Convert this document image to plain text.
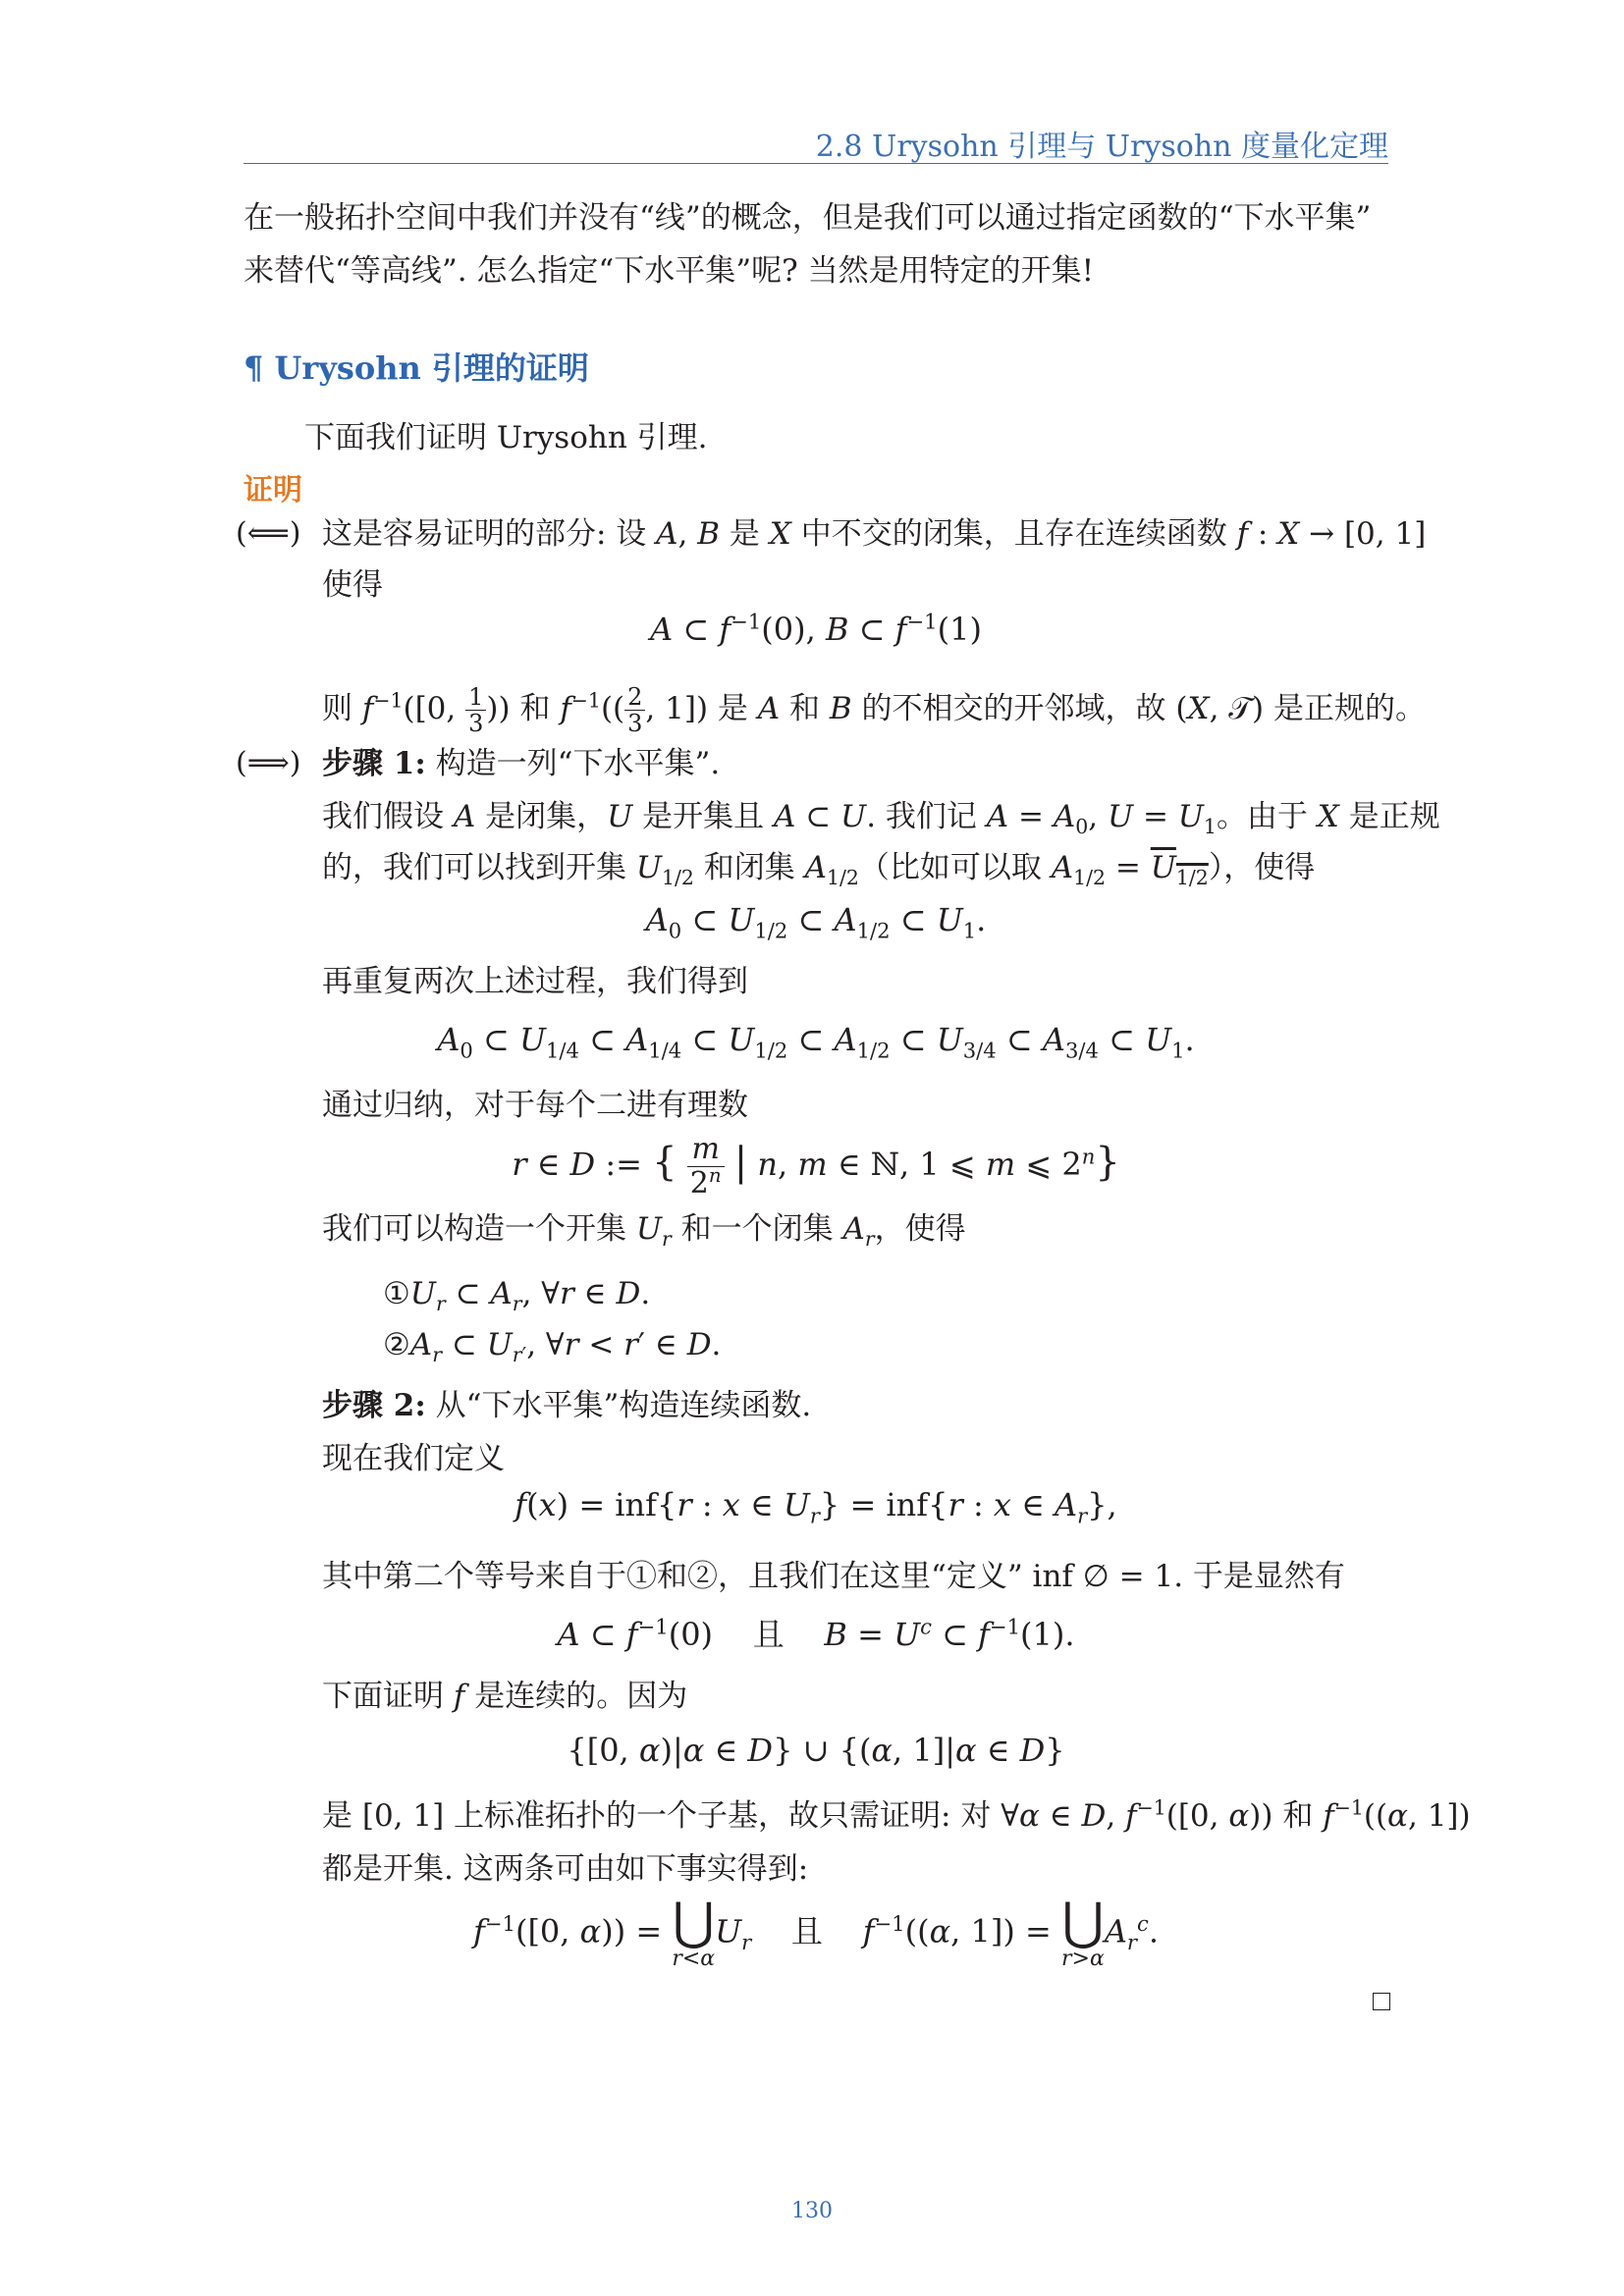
2.8 Urysohn 引理与 Urysohn 度量化定理
在一般拓扑空间中我们并没有“线”的概念，但是我们可以通过指定函数的“下水平集”
来替代“等高线”. 怎么指定“下水平集”呢? 当然是用特定的开集!
¶ Urysohn 引理的证明
下面我们证明 Urysohn 引理.
证明
(⟸) 这是容易证明的部分: 设 A, B 是 X 中不交的闭集，且存在连续函数 f : X → [0, 1]
使得
A ⊂ $f^{-1}(0)$, B ⊂ $f^{-1}(1)$
则 $f^{-1}([0$, $\frac{1}{3}$ )) 和 $f^{-1}(( \frac{2}{3}$ , 1]) 是 A 和 B 的不相交的开邻域，故 (X, 𝒯) 是正规的。
(⟹) 步骤 1: 构造一列“下水平集”.
我们假设 A 是闭集，U 是开集且 A ⊂ U. 我们记 $A = A_0$, $U = U_1$。由于 X 是正规
的，我们可以找到开集 $U_{1/2}$ 和闭集 $A_{1/2}$（比如可以取 $A_{1/2} = U_{1/2}$），使得
$A_0$ ⊂ $U_{1/2}$ ⊂ $A_{1/2}$ ⊂ $U_1$.
再重复两次上述过程，我们得到
$A_0$ ⊂ $U_{1/4}$ ⊂ $A_{1/4}$ ⊂ $U_{1/2}$ ⊂ $A_{1/2}$ ⊂ $U_{3/4}$ ⊂ $A_{3/4}$ ⊂ $U_1$.
通过归纳，对于每个二进有理数
r ∈ D := { $\frac{m}{2^n}$ | n, m ∈ ℕ, 1 ⩽ m ⩽ 2$^n$}
我们可以构造一个开集 $U_r$ 和一个闭集 $A_r$，使得
$①U_r$ ⊂ $A_r$, ∀r ∈ D.
$②A_r$ ⊂ $U_{r'}$, ∀r < r′ ∈ D.
步骤 2: 从“下水平集”构造连续函数.
现在我们定义
f(x) = inf{r : x ∈ $U_r\} = inf\{r$ : x ∈ $A_r$},
其中第二个等号来自于①和②，且我们在这里“定义” inf ∅ = 1. 于是显然有
A ⊂ $f^{-1}(0)$    且 $B = U^c$ ⊂ $f^{-1}(1)$.
下面证明 f 是连续的。因为
{[0, α)|α ∈ D} ∪ {(α, 1]|α ∈ D}
是 [0, 1] 上标准拓扑的一个子基，故只需证明: 对 ∀α ∈ D, $f^{-1}([0$, α)) 和 $f^{-1}((\alpha$, 1])
都是开集. 这两条可由如下事实得到:
$f^{-1}([0$, α)) = ⋃
r<α
$U_r$ 且 $f^{-1}((\alpha$, 1]) = ⋃
r>α
$A_r^c$.
130
